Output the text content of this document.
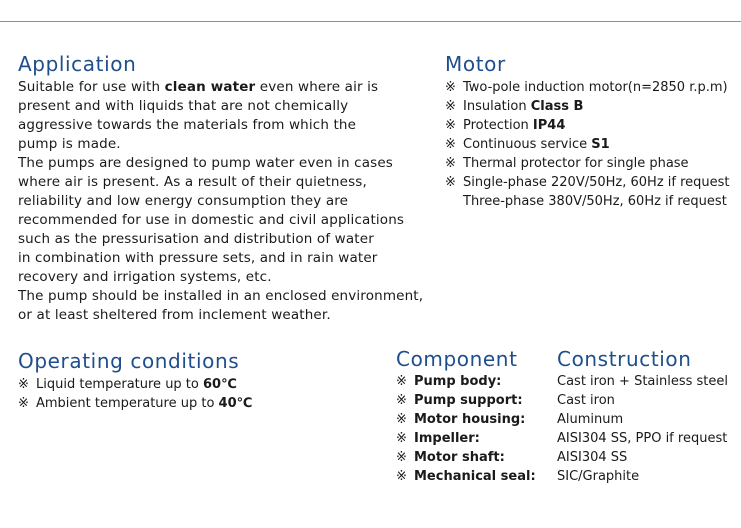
Application
Suitable for use with clean water even where air is
present and with liquids that are not chemically
aggressive towards the materials from which the
pump is made.
The pumps are designed to pump water even in cases
where air is present. As a result of their quietness,
reliability and low energy consumption they are
recommended for use in domestic and civil applications
such as the pressurisation and distribution of water
in combination with pressure sets, and in rain water
recovery and irrigation systems, etc.
The pump should be installed in an enclosed environment,
or at least sheltered from inclement weather.
Motor
※ Two-pole induction motor(n=2850 r.p.m)
※ Insulation Class B
※ Protection IP44
※ Continuous service S1
※ Thermal protector for single phase
※ Single-phase 220V/50Hz, 60Hz if request
Three-phase 380V/50Hz, 60Hz if request
Operating conditions
※ Liquid temperature up to 60℃
※ Ambient temperature up to 40℃
Component Construction
※ Pump body:
※ Pump support:
※ Motor housing:
※ Impeller:
※ Motor shaft:
※ Mechanical seal:
Cast iron + Stainless steel
Cast iron
Aluminum
AISI304 SS, PPO if request
AISI304 SS
SIC/Graphite
